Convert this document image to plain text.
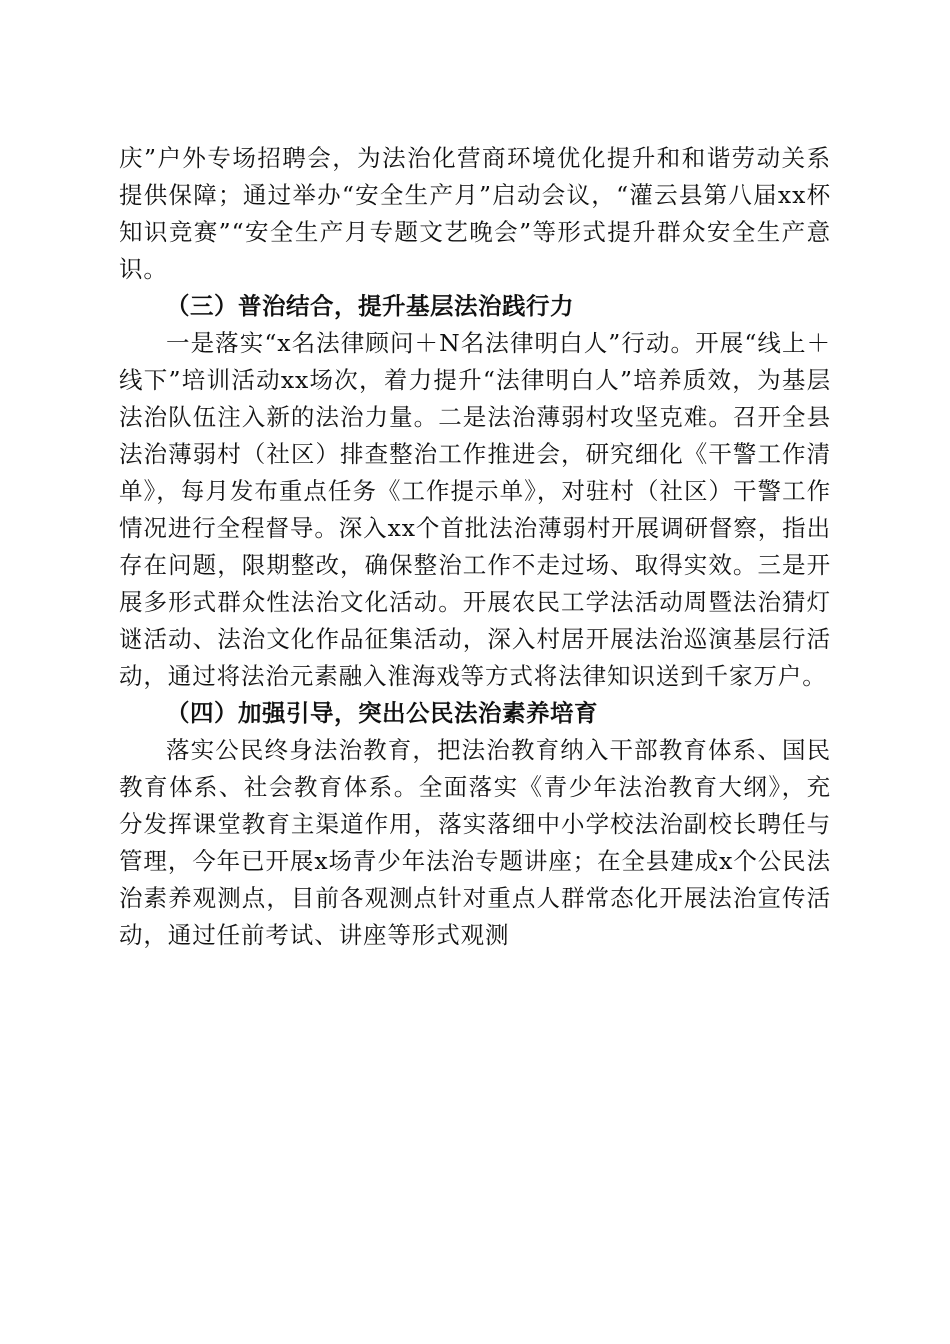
庆”户外专场招聘会，为法治化营商环境优化提升和和谐劳动关系提供保障；通过举办“安全生产月”启动会议，“灌云县第八届xx杯知识竞赛”“安全生产月专题文艺晚会”等形式提升群众安全生产意识。

（三）普治结合，提升基层法治践行力

一是落实“x名法律顾问＋N名法律明白人”行动。开展“线上＋线下”培训活动xx场次，着力提升“法律明白人”培养质效，为基层法治队伍注入新的法治力量。二是法治薄弱村攻坚克难。召开全县法治薄弱村（社区）排查整治工作推进会，研究细化《干警工作清单》，每月发布重点任务《工作提示单》，对驻村（社区）干警工作情况进行全程督导。深入xx个首批法治薄弱村开展调研督察，指出存在问题，限期整改，确保整治工作不走过场、取得实效。三是开展多形式群众性法治文化活动。开展农民工学法活动周暨法治猜灯谜活动、法治文化作品征集活动，深入村居开展法治巡演基层行活动，通过将法治元素融入淮海戏等方式将法律知识送到千家万户。

（四）加强引导，突出公民法治素养培育

落实公民终身法治教育，把法治教育纳入干部教育体系、国民教育体系、社会教育体系。全面落实《青少年法治教育大纲》，充分发挥课堂教育主渠道作用，落实落细中小学校法治副校长聘任与管理，今年已开展x场青少年法治专题讲座；在全县建成x个公民法治素养观测点，目前各观测点针对重点人群常态化开展法治宣传活动，通过任前考试、讲座等形式观测
